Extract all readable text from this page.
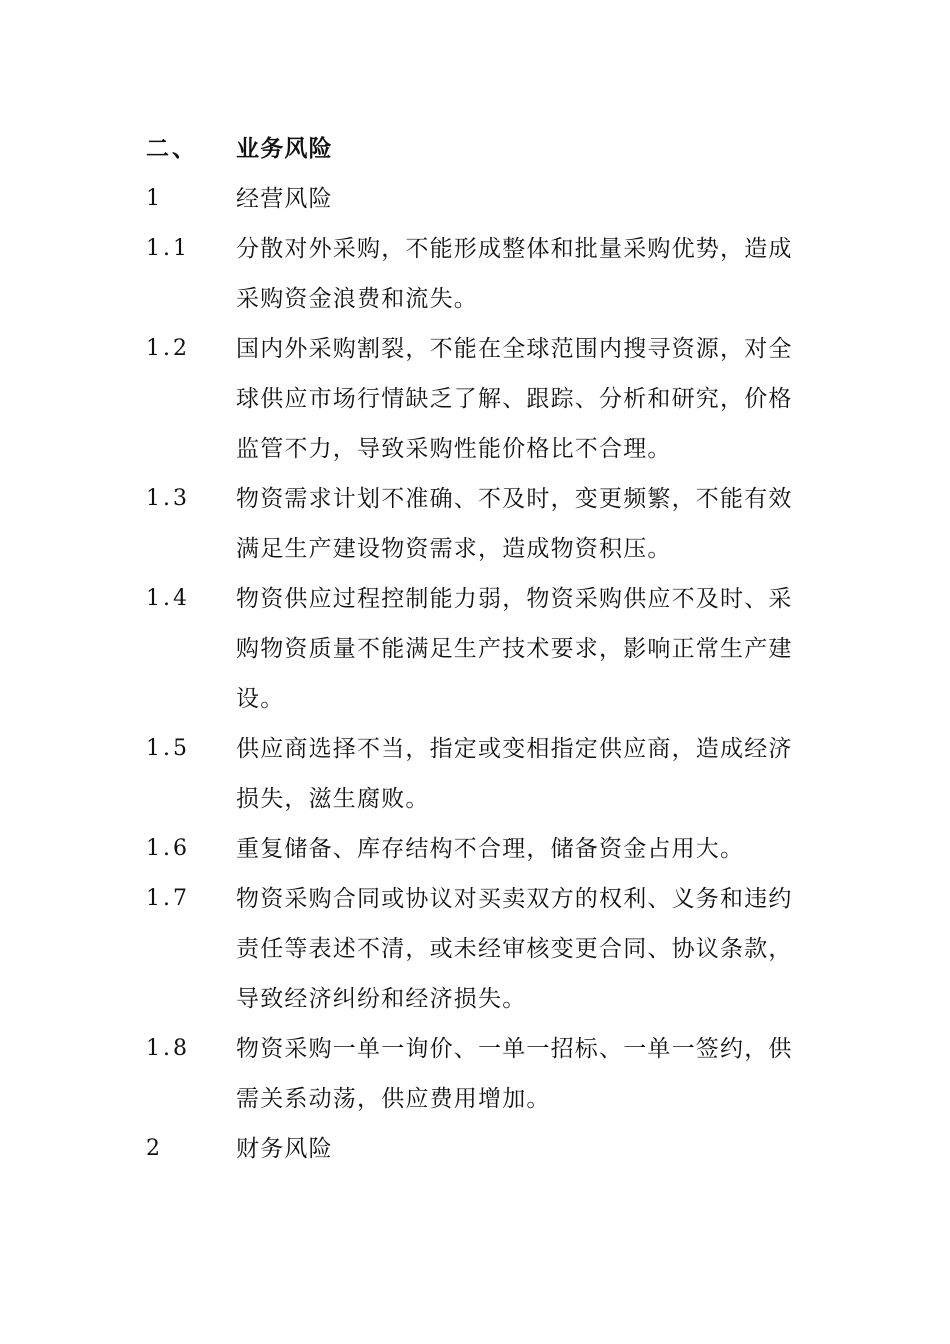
二、	业务风险
1	经营风险
1.1	分散对外采购，不能形成整体和批量采购优势，造成采购资金浪费和流失。
1.2	国内外采购割裂，不能在全球范围内搜寻资源，对全球供应市场行情缺乏了解、跟踪、分析和研究，价格监管不力，导致采购性能价格比不合理。
1.3	物资需求计划不准确、不及时，变更频繁，不能有效满足生产建设物资需求，造成物资积压。
1.4	物资供应过程控制能力弱，物资采购供应不及时、采购物资质量不能满足生产技术要求，影响正常生产建设。
1.5	供应商选择不当，指定或变相指定供应商，造成经济损失，滋生腐败。
1.6	重复储备、库存结构不合理，储备资金占用大。
1.7	物资采购合同或协议对买卖双方的权利、义务和违约责任等表述不清，或未经审核变更合同、协议条款，导致经济纠纷和经济损失。
1.8	物资采购一单一询价、一单一招标、一单一签约，供需关系动荡，供应费用增加。
2	财务风险
